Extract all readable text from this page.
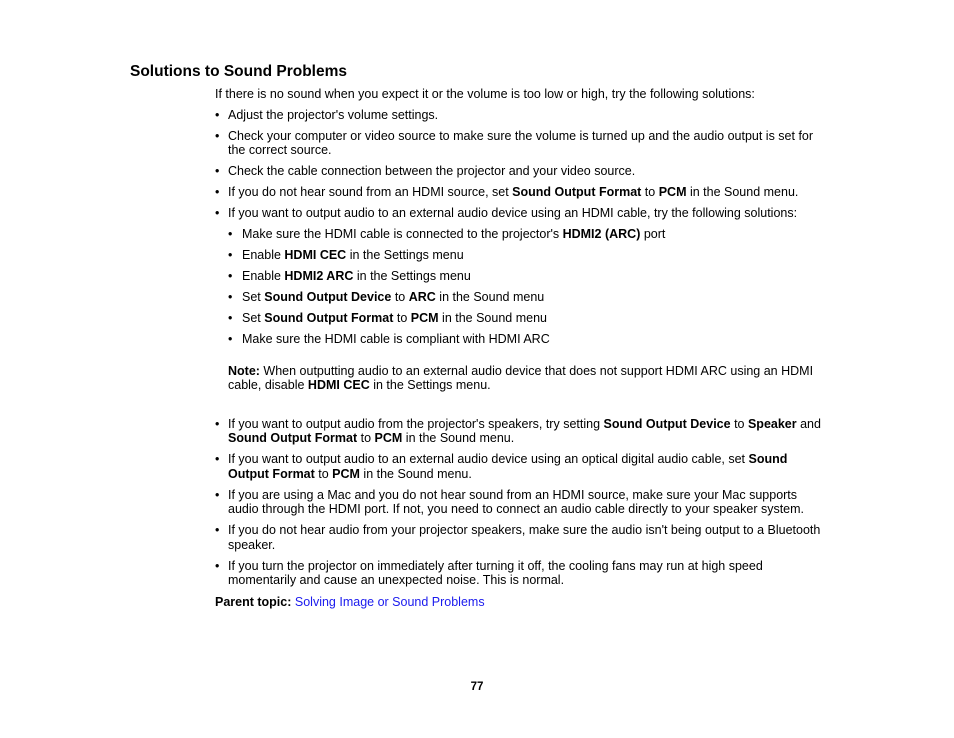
Solutions to Sound Problems

If there is no sound when you expect it or the volume is too low or high, try the following solutions:

• Adjust the projector's volume settings.
• Check your computer or video source to make sure the volume is turned up and the audio output is set for the correct source.
• Check the cable connection between the projector and your video source.
• If you do not hear sound from an HDMI source, set Sound Output Format to PCM in the Sound menu.
• If you want to output audio to an external audio device using an HDMI cable, try the following solutions:
• Make sure the HDMI cable is connected to the projector's HDMI2 (ARC) port
• Enable HDMI CEC in the Settings menu
• Enable HDMI2 ARC in the Settings menu
• Set Sound Output Device to ARC in the Sound menu
• Set Sound Output Format to PCM in the Sound menu
• Make sure the HDMI cable is compliant with HDMI ARC
Note: When outputting audio to an external audio device that does not support HDMI ARC using an HDMI cable, disable HDMI CEC in the Settings menu.
• If you want to output audio from the projector's speakers, try setting Sound Output Device to Speaker and Sound Output Format to PCM in the Sound menu.
• If you want to output audio to an external audio device using an optical digital audio cable, set Sound Output Format to PCM in the Sound menu.
• If you are using a Mac and you do not hear sound from an HDMI source, make sure your Mac supports audio through the HDMI port. If not, you need to connect an audio cable directly to your speaker system.
• If you do not hear audio from your projector speakers, make sure the audio isn't being output to a Bluetooth speaker.
• If you turn the projector on immediately after turning it off, the cooling fans may run at high speed momentarily and cause an unexpected noise. This is normal.
Parent topic: Solving Image or Sound Problems
77
